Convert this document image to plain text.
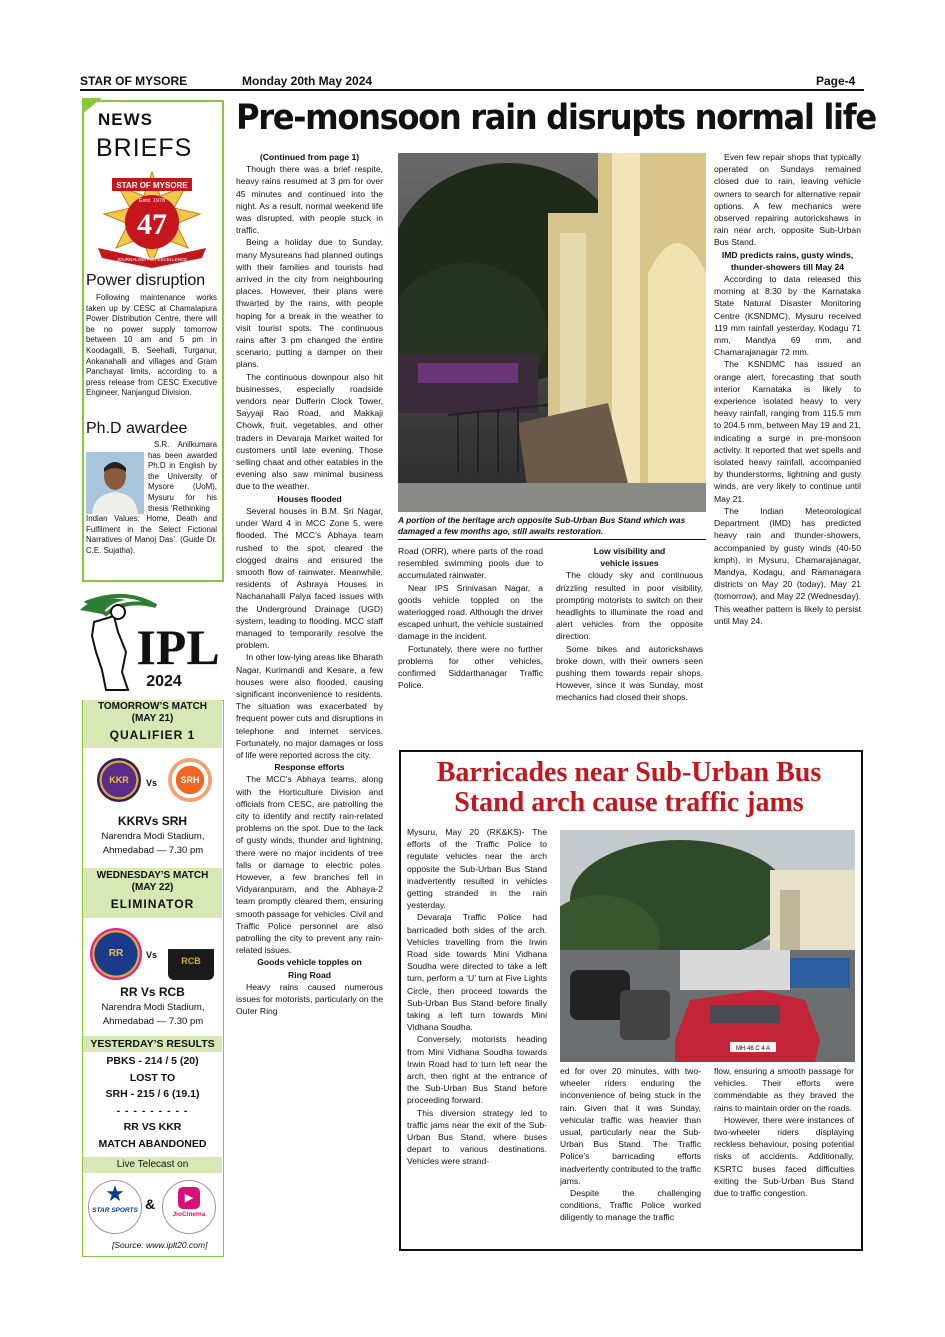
STAR OF MYSORE	Monday 20th May 2024	Page-4
NEWS
BRIEFS
47
STAR OF MYSORE
Estd. 1978
JOURNALISM PER EXCELLENCE
Power disruption

Following maintenance works taken up by CESC at Chamalapura Power Distribution Centre, there will be no power supply tomorrow between 10 am and 5 pm in Koodagalli, B. Seehalli, Turganur, Ankanahalli and villages and Gram Panchayat limits, according to a press release from CESC Executive Engineer, Nanjangud Division.

Ph.D awardee

S.R. Anilkumara has been awarded Ph.D in English by the University of Mysore (UoM), Mysuru for his thesis ‘Rethinking

Indian Values: Home, Death and Fulfilment in the Select Fictional Narratives of Manoj Das’. (Guide Dr. C.E. Sujatha).

IPL
2024
TOMORROW’S MATCH (MAY 21)
QUALIFIER 1
KKR	Vs	SRH
KKRVs SRH
Narendra Modi Stadium, Ahmedabad — 7.30 pm
WEDNESDAY’S MATCH (MAY 22)
ELIMINATOR
RR	Vs
RCB
RR Vs RCB
Narendra Modi Stadium, Ahmedabad — 7.30 pm
YESTERDAY’S RESULTS
PBKS - 214 / 5 (20)
LOST TO
SRH - 215 / 6 (19.1)
- - - - - - - - -
RR VS KKR
MATCH ABANDONED
Live Telecast on
★
STAR SPORTS &	▶
JioCinema
[Source: www.iplt20.com]
Pre-monsoon rain disrupts normal life

(Continued from page 1)

Though there was a brief respite, heavy rains resumed at 3 pm for over 45 minutes and continued into the night. As a result, normal weekend life was disrupted, with people stuck in traffic.

Being a holiday due to Sunday, many Mysureans had planned outings with their families and tourists had arrived in the city from neighbouring places. However, their plans were thwarted by the rains, with people hoping for a break in the weather to visit tourist spots. The continuous rains after 3 pm changed the entire scenario, putting a damper on their plans.

The continuous downpour also hit businesses, especially roadside vendors near Dufferin Clock Tower, Sayyaji Rao Road, and Makkaji Chowk, fruit, vegetables, and other traders in Devaraja Market waited for customers until late evening. Those selling chaat and other eatables in the evening also saw minimal business due to the weather.

Houses flooded

Several houses in B.M. Sri Nagar, under Ward 4 in MCC Zone 5, were flooded. The MCC’s Abhaya team rushed to the spot, cleared the clogged drains and ensured the smooth flow of rainwater. Meanwhile, residents of Ashraya Houses in Nachanahalli Palya faced issues with the Underground Drainage (UGD) system, leading to flooding. MCC staff managed to temporarily resolve the problem.

In other low-lying areas like Bharath Nagar, Kurimandi and Kesare, a few houses were also flooded, causing significant inconvenience to residents. The situation was exacerbated by frequent power cuts and disruptions in telephone and internet services. Fortunately, no major damages or loss of life were reported across the city.

Response efforts

The MCC’s Abhaya teams, along with the Horticulture Division and officials from CESC, are patrolling the city to identify and rectify rain-related problems on the spot. Due to the lack of gusty winds, thunder and lightning, there were no major incidents of tree falls or damage to electric poles. However, a few branches fell in Vidyaranpuram, and the Abhaya-2 team promptly cleared them, ensuring smooth passage for vehicles. Civil and Traffic Police personnel are also patrolling the city to prevent any rain-related issues.

Goods vehicle topples on Ring Road

Heavy rains caused numerous issues for motorists, particularly on the Outer Ring

A portion of the heritage arch opposite Sub-Urban Bus Stand which was damaged a few months ago, still awaits restoration.

Road (ORR), where parts of the road resembled swimming pools due to accumulated rainwater.

Near IPS Srinivasan Nagar, a goods vehicle toppled on the waterlogged road. Although the driver escaped unhurt, the vehicle sustained damage in the incident.

Fortunately, there were no further problems for other vehicles, confirmed Siddarthanagar Traffic Police.

Low visibility and vehicle issues

The cloudy sky and continuous drizzling resulted in poor visibility, prompting motorists to switch on their headlights to illuminate the road and alert vehicles from the opposite direction.

Some bikes and autorickshaws broke down, with their owners seen pushing them towards repair shops. However, since it was Sunday, most mechanics had closed their shops.

Even few repair shops that typically operated on Sundays remained closed due to rain, leaving vehicle owners to search for alternative repair options. A few mechanics were observed repairing autorickshaws in rain near arch, opposite Sub-Urban Bus Stand.

IMD predicts rains, gusty winds, thunder-showers till May 24

According to data released this morning at 8:30 by the Karnataka State Natural Disaster Monitoring Centre (KSNDMC), Mysuru received 119 mm rainfall yesterday, Kodagu 71 mm, Mandya 69 mm, and Chamarajanagar 72 mm.

The KSNDMC has issued an orange alert, forecasting that south interior Karnataka is likely to experience isolated heavy to very heavy rainfall, ranging from 115.5 mm to 204.5 mm, between May 19 and 21, indicating a surge in pre-monsoon activity. It reported that wet spells and isolated heavy rainfall, accompanied by thunderstorms, lightning and gusty winds, are very likely to continue until May 21.

The Indian Meteorological Department (IMD) has predicted heavy rain and thunder-showers, accompanied by gusty winds (40-50 kmph), in Mysuru, Chamarajanagar, Mandya, Kodagu, and Ramanagara districts on May 20 (today), May 21 (tomorrow), and May 22 (Wednesday). This weather pattern is likely to persist until May 24.

Barricades near Sub-Urban Bus Stand arch cause traffic jams

Mysuru, May 20 (RK&KS)- The efforts of the Traffic Police to regulate vehicles near the arch opposite the Sub-Urban Bus Stand inadvertently resulted in vehicles getting stranded in the rain yesterday.

Devaraja Traffic Police had barricaded both sides of the arch. Vehicles travelling from the Irwin Road side towards Mini Vidhana Soudha were directed to take a left turn, perform a ‘U’ turn at Five Lights Circle, then proceed towards the Sub-Urban Bus Stand before finally taking a left turn towards Mini Vidhana Soudha.

Conversely, motorists heading from Mini Vidhana Soudha towards Irwin Road had to turn left near the arch, then right at the entrance of the Sub-Urban Bus Stand before proceeding forward.

This diversion strategy led to traffic jams near the exit of the Sub-Urban Bus Stand, where buses depart to various destinations. Vehicles were strand-

MH 46 C 4 A

ed for over 20 minutes, with two-wheeler riders enduring the inconvenience of being stuck in the rain. Given that it was Sunday, vehicular traffic was heavier than usual, particularly near the Sub-Urban Bus Stand. The Traffic Police’s barricading efforts inadvertently contributed to the traffic jams.

Despite the challenging conditions, Traffic Police worked diligently to manage the traffic

flow, ensuring a smooth passage for vehicles. Their efforts were commendable as they braved the rains to maintain order on the roads.

However, there were instances of two-wheeler riders displaying reckless behaviour, posing potential risks of accidents. Additionally, KSRTC buses faced difficulties exiting the Sub-Urban Bus Stand due to traffic congestion.
